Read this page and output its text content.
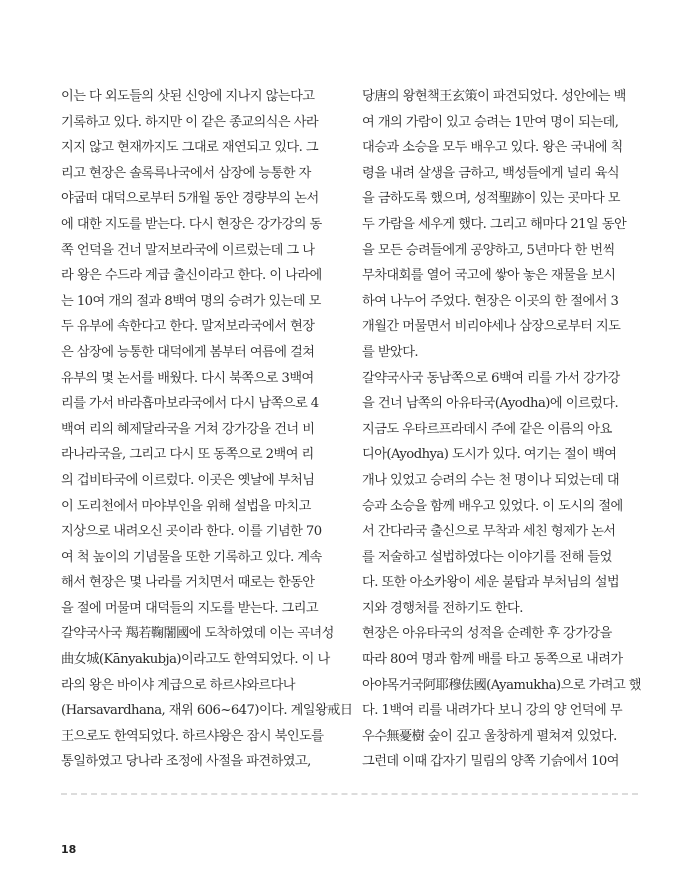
이는 다 외도들의 삿된 신앙에 지나지 않는다고
기록하고 있다. 하지만 이 같은 종교의식은 사라
지지 않고 현재까지도 그대로 재연되고 있다. 그
리고 현장은 솔록륵나국에서 삼장에 능통한 자
야굽떠 대덕으로부터 5개월 동안 경량부의 논서
에 대한 지도를 받는다. 다시 현장은 강가강의 동
쪽 언덕을 건너 말저보라국에 이르렀는데 그 나
라 왕은 수드라 계급 출신이라고 한다. 이 나라에
는 10여 개의 절과 8백여 명의 승려가 있는데 모
두 유부에 속한다고 한다. 말저보라국에서 현장
은 삼장에 능통한 대덕에게 봄부터 여름에 걸쳐
유부의 몇 논서를 배웠다. 다시 북쪽으로 3백여
리를 가서 바라흡마보라국에서 다시 남쪽으로 4
백여 리의 혜제달라국을 거쳐 강가강을 건너 비
라나라국을, 그리고 다시 또 동쪽으로 2백여 리
의 겁비타국에 이르렀다. 이곳은 옛날에 부처님
이 도리천에서 마야부인을 위해 설법을 마치고
지상으로 내려오신 곳이라 한다. 이를 기념한 70
여 척 높이의 기념물을 또한 기록하고 있다. 계속
해서 현장은 몇 나라를 거치면서 때로는 한동안
을 절에 머물며 대덕들의 지도를 받는다. 그리고
갈약국사국 羯若鞠闍國에 도착하였데 이는 곡녀성
曲女城(Kānyakubja)이라고도 한역되었다. 이 나
라의 왕은 바이샤 계급으로 하르샤와르다나
(Harsavardhana, 재위 606~647)이다. 계일왕戒日
王으로도 한역되었다. 하르샤왕은 잠시 북인도를
통일하였고 당나라 조정에 사절을 파견하였고,
당唐의 왕현책王玄策이 파견되었다. 성안에는 백
여 개의 가람이 있고 승려는 1만여 명이 되는데,
대승과 소승을 모두 배우고 있다. 왕은 국내에 칙
령을 내려 살생을 금하고, 백성들에게 널리 육식
을 금하도록 했으며, 성적聖跡이 있는 곳마다 모
두 가람을 세우게 했다. 그리고 해마다 21일 동안
을 모든 승려들에게 공양하고, 5년마다 한 번씩
무차대회를 열어 국고에 쌓아 놓은 재물을 보시
하여 나누어 주었다. 현장은 이곳의 한 절에서 3
개월간 머물면서 비리야세나 삼장으로부터 지도
를 받았다.
갈약국사국 동남쪽으로 6백여 리를 가서 강가강
을 건너 남쪽의 아유타국(Ayodha)에 이르렀다.
지금도 우타르프라데시 주에 같은 이름의 아요
디아(Ayodhya) 도시가 있다. 여기는 절이 백여
개나 있었고 승려의 수는 천 명이나 되었는데 대
승과 소승을 함께 배우고 있었다. 이 도시의 절에
서 간다라국 출신으로 무착과 세친 형제가 논서
를 저술하고 설법하였다는 이야기를 전해 들었
다. 또한 아소카왕이 세운 불탑과 부처님의 설법
지와 경행처를 전하기도 한다.
현장은 아유타국의 성적을 순례한 후 강가강을
따라 80여 명과 함께 배를 타고 동쪽으로 내려가
아야목거국阿耶穆佉國(Ayamukha)으로 가려고 했
다. 1백여 리를 내려가다 보니 강의 양 언덕에 무
우수無憂樹 숲이 깊고 울창하게 펼쳐져 있었다.
그런데 이때 갑자기 밀림의 양쪽 기슭에서 10여
18
